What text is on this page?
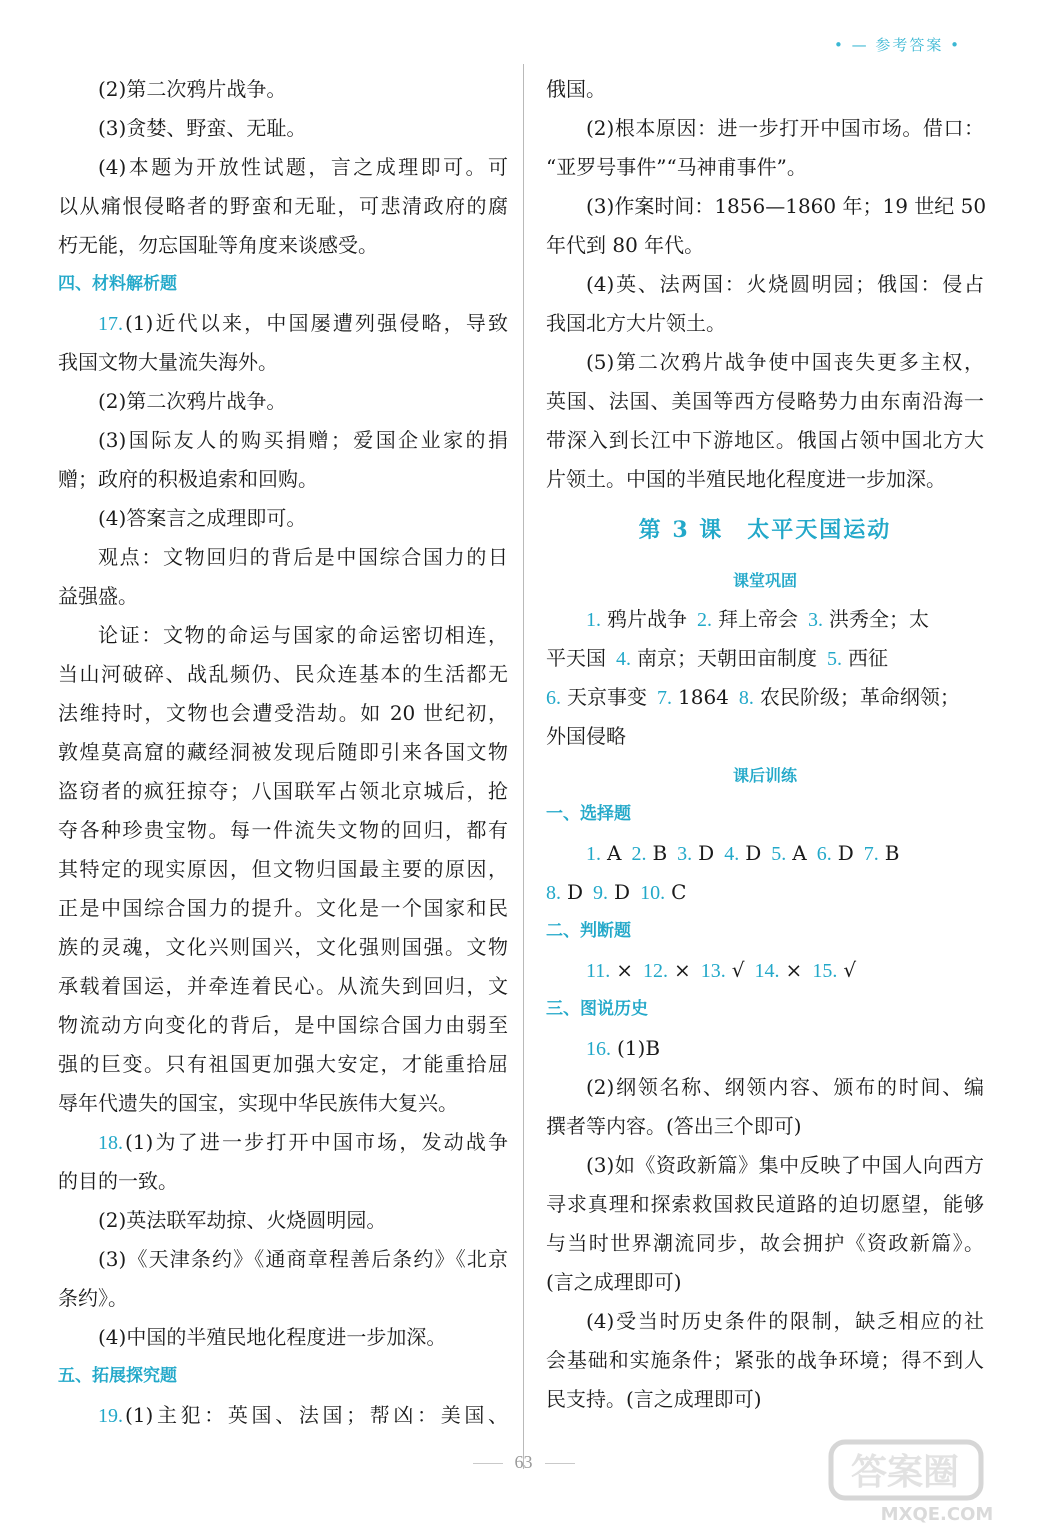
• — 参考答案 •
(2)第二次鸦片战争。
(3)贪婪、野蛮、无耻。
(4)本题为开放性试题，言之成理即可。可
以从痛恨侵略者的野蛮和无耻，可悲清政府的腐
朽无能，勿忘国耻等角度来谈感受。
四、材料解析题
17. (1)近代以来，中国屡遭列强侵略，导致
我国文物大量流失海外。
(2)第二次鸦片战争。
(3)国际友人的购买捐赠；爱国企业家的捐
赠；政府的积极追索和回购。
(4)答案言之成理即可。
观点：文物回归的背后是中国综合国力的日
益强盛。
论证：文物的命运与国家的命运密切相连，
当山河破碎、战乱频仍、民众连基本的生活都无
法维持时，文物也会遭受浩劫。如 20 世纪初，
敦煌莫高窟的藏经洞被发现后随即引来各国文物
盗窃者的疯狂掠夺；八国联军占领北京城后，抢
夺各种珍贵宝物。每一件流失文物的回归，都有
其特定的现实原因，但文物归国最主要的原因，
正是中国综合国力的提升。文化是一个国家和民
族的灵魂，文化兴则国兴，文化强则国强。文物
承载着国运，并牵连着民心。从流失到回归，文
物流动方向变化的背后，是中国综合国力由弱至
强的巨变。只有祖国更加强大安定，才能重拾屈
辱年代遗失的国宝，实现中华民族伟大复兴。
18. (1)为了进一步打开中国市场，发动战争
的目的一致。
(2)英法联军劫掠、火烧圆明园。
(3)《天津条约》《通商章程善后条约》《北京
条约》。
(4)中国的半殖民地化程度进一步加深。
五、拓展探究题
19. (1)主犯：英国、法国；帮凶：美国、
俄国。
(2)根本原因：进一步打开中国市场。借口：
“亚罗号事件”“马神甫事件”。
(3)作案时间：1856—1860 年；19 世纪 50
年代到 80 年代。
(4)英、法两国：火烧圆明园；俄国：侵占
我国北方大片领土。
(5)第二次鸦片战争使中国丧失更多主权，
英国、法国、美国等西方侵略势力由东南沿海一
带深入到长江中下游地区。俄国占领中国北方大
片领土。中国的半殖民地化程度进一步加深。
第 3 课　太平天国运动
课堂巩固
1. 鸦片战争 2. 拜上帝会 3. 洪秀全；太
平天国 4. 南京；天朝田亩制度 5. 西征
6. 天京事变 7. 1864 8. 农民阶级；革命纲领；
外国侵略
课后训练
一、选择题
1. A 2. B 3. D 4. D 5. A 6. D 7. B
8. D 9. D 10. C
二、判断题
11. × 12. × 13. √ 14. × 15. √
三、图说历史
16. (1)B
(2)纲领名称、纲领内容、颁布的时间、编
撰者等内容。(答出三个即可)
(3)如《资政新篇》集中反映了中国人向西方
寻求真理和探索救国救民道路的迫切愿望，能够
与当时世界潮流同步，故会拥护《资政新篇》。
(言之成理即可)
(4)受当时历史条件的限制，缺乏相应的社
会基础和实施条件；紧张的战争环境；得不到人
民支持。(言之成理即可)
63	答案圈
MXQE.COM
